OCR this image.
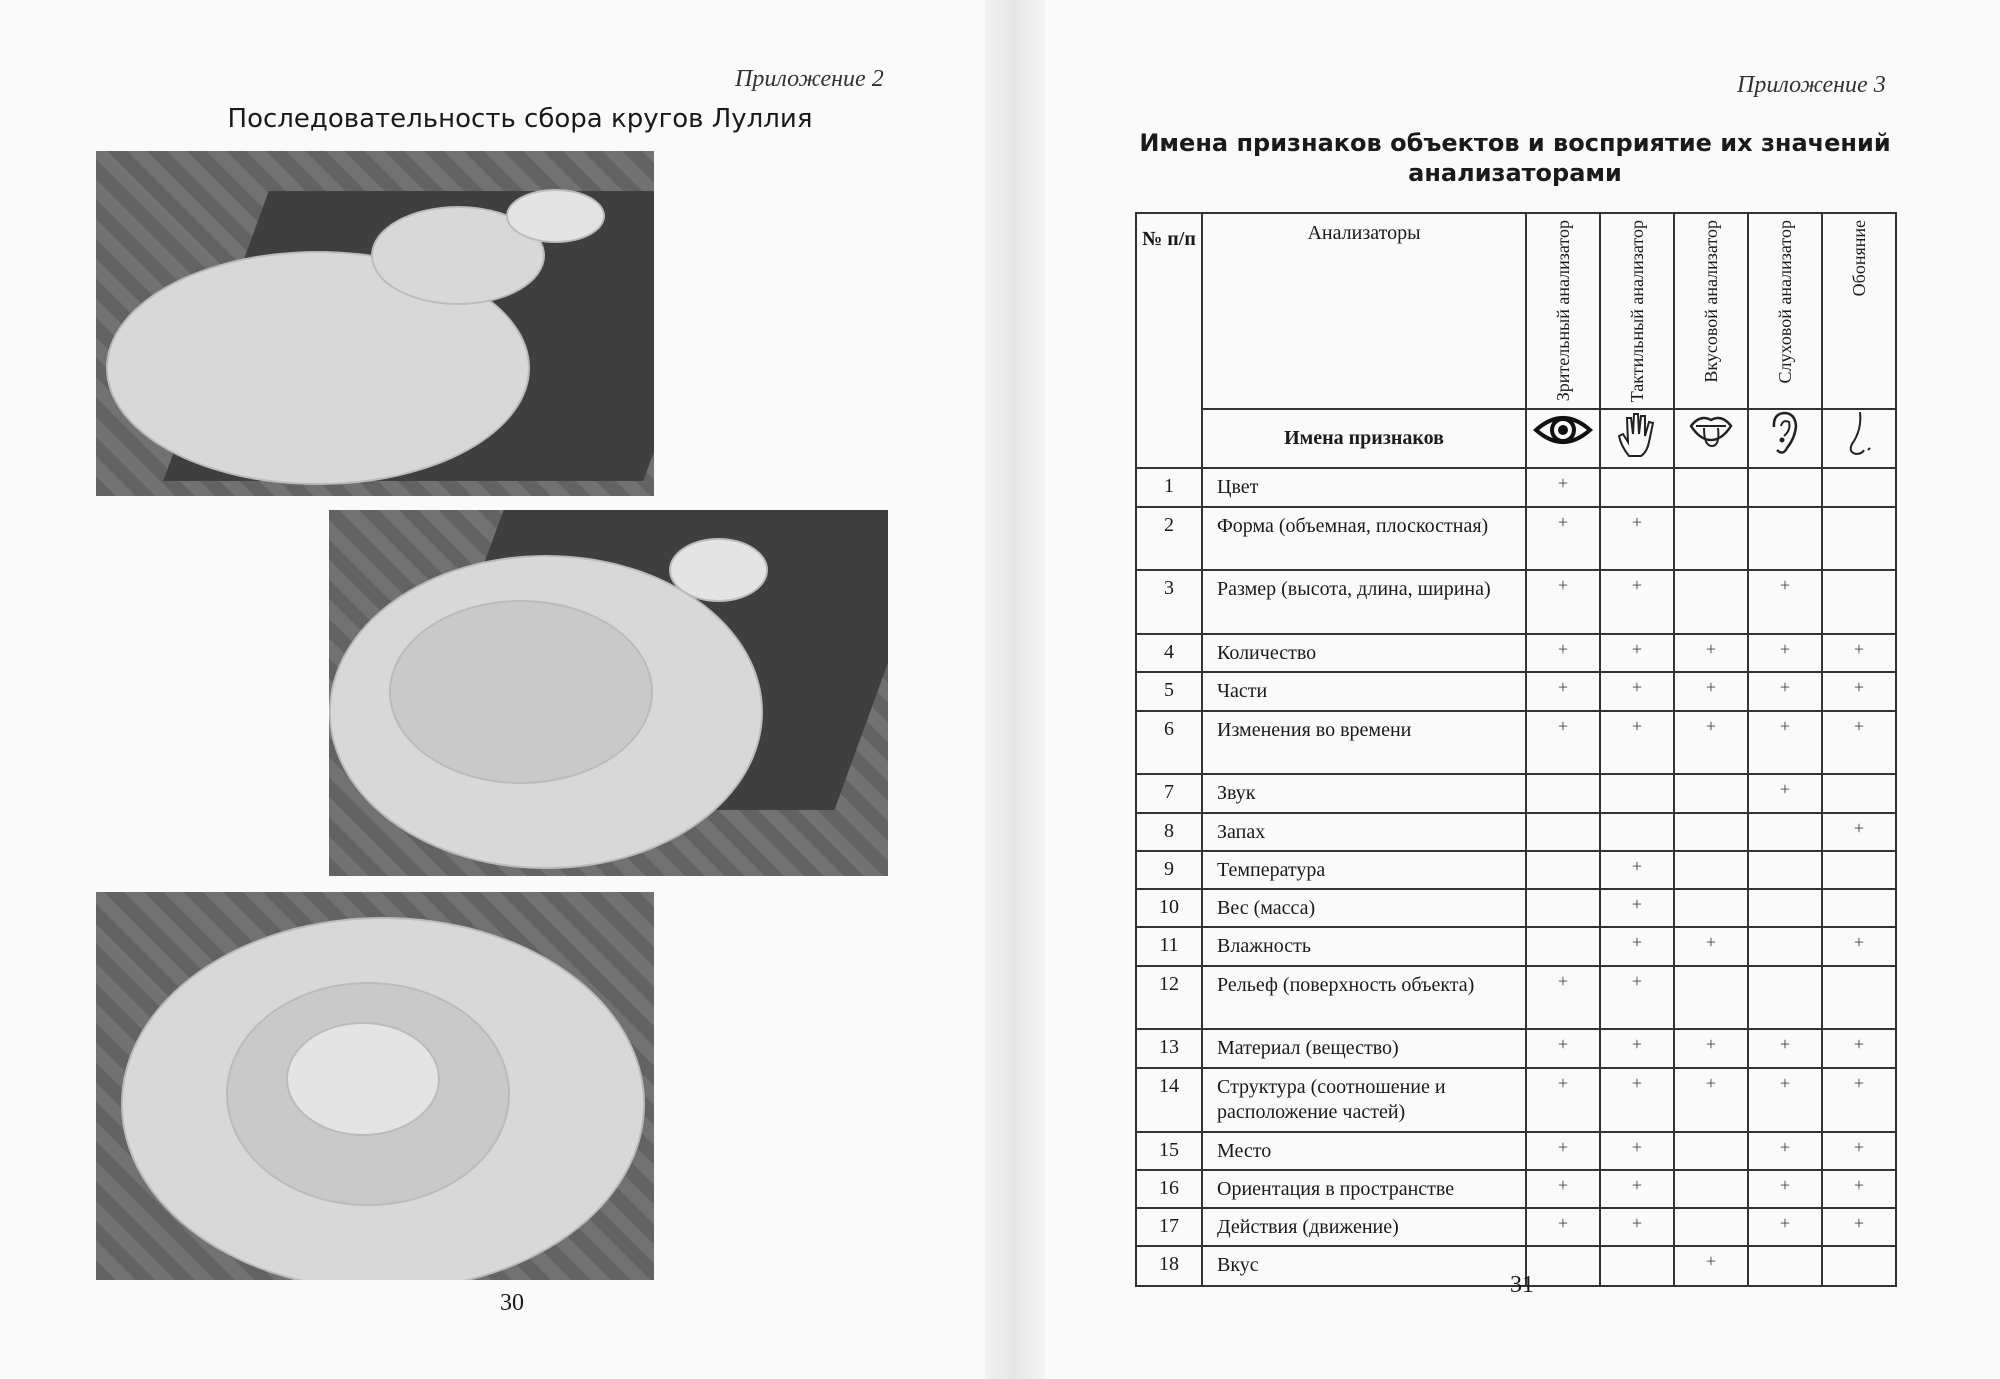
Приложение 2
Последовательность сбора кругов Луллия
30
Приложение 3
Имена признаков объектов и восприятие их значений
анализаторами
№ п/п	Анализаторы	Зрительный анализатор	Тактильный анализатор	Вкусовой анализатор	Слуховой анализатор	Обоняние

	Имена признаков	

1	Цвет	+				
2	Форма (объемная, плоскостная)	+	+			
3	Размер (высота, длина, ширина)	+	+		+	
4	Количество	+	+	+	+	+
5	Части	+	+	+	+	+
6	Изменения во времени	+	+	+	+	+
7	Звук				+	
8	Запах					+
9	Температура		+			
10	Вес (масса)		+			
11	Влажность		+	+		+
12	Рельеф (поверхность объекта)	+	+			
13	Материал (вещество)	+	+	+	+	+
14	Структура (соотношение и расположение частей)	+	+	+	+	+
15	Место	+	+		+	+
16	Ориентация в пространстве	+	+		+	+
17	Действия (движение)	+	+		+	+
18	Вкус			+		
31
